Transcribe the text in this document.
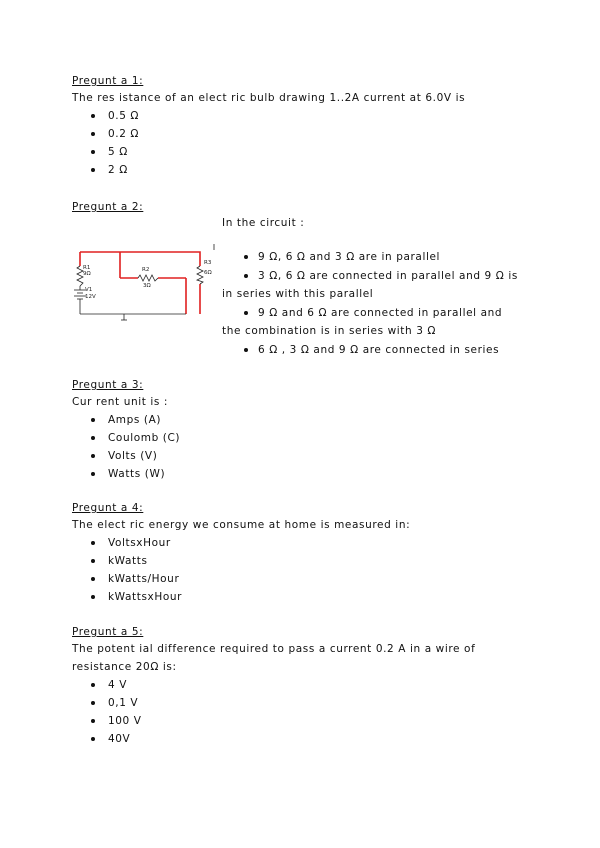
Pregunt a 1:
The res istance of an elect ric bulb drawing 1..2A current at 6.0V is
0.5 Ω
0.2 Ω
5 Ω
2 Ω
Pregunt a 2:
R1
9Ω
R2
3Ω
R3
6Ω
V1
12V
In the circuit :
9 Ω, 6 Ω and 3 Ω are in parallel
3 Ω, 6 Ω are connected in parallel and 9 Ω is in series with this parallel
9 Ω and 6 Ω are connected in parallel and the combination is in series with 3 Ω
6 Ω , 3 Ω and 9 Ω are connected in series
Pregunt a 3:
Cur rent unit is :
Amps (A)
Coulomb (C)
Volts (V)
Watts (W)
Pregunt a 4:
The elect ric energy we consume at home is measured in:
VoltsxHour
kWatts
kWatts/Hour
kWattsxHour
Pregunt a 5:
The potent ial difference required to pass a current 0.2 A in a wire of resistance 20Ω is:
4 V
0,1 V
100 V
40V
